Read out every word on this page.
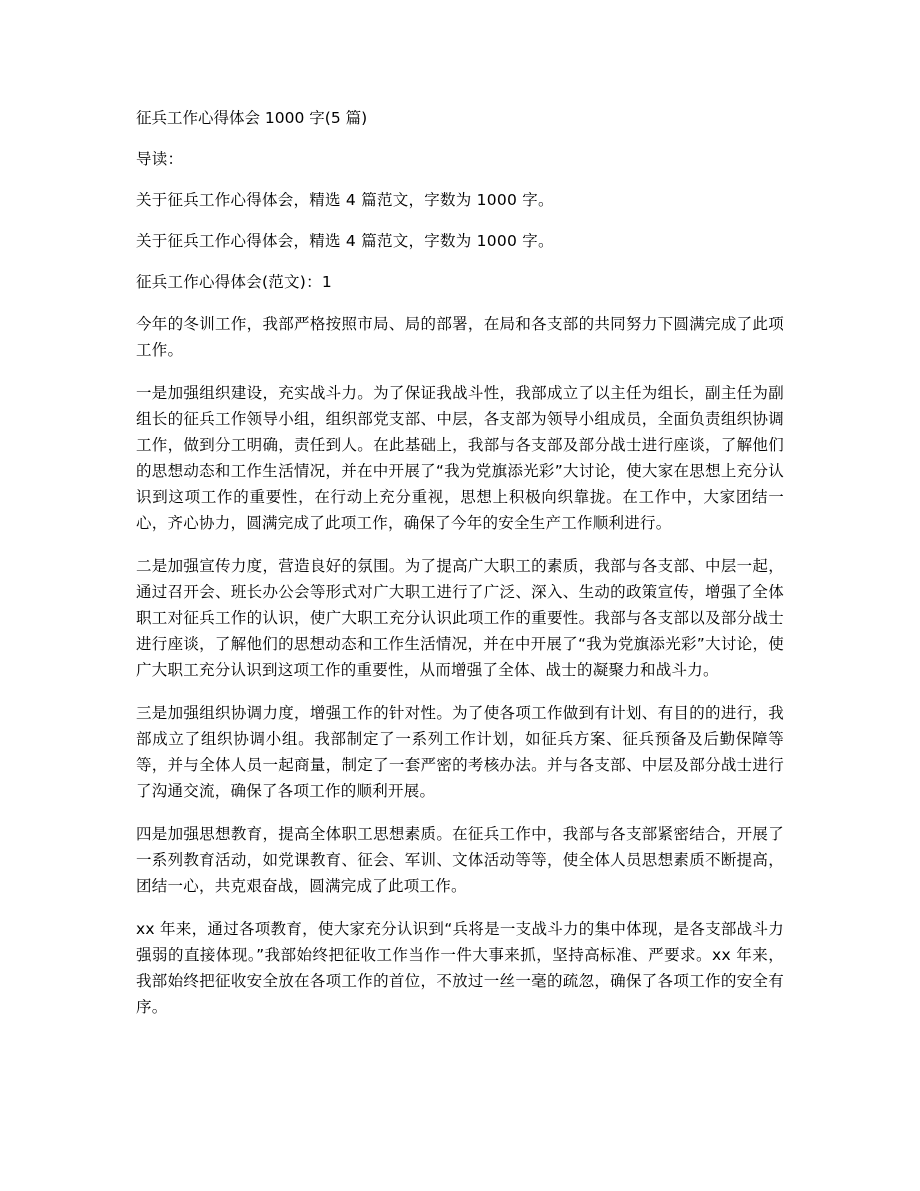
征兵工作心得体会 1000 字(5 篇)

导读：

关于征兵工作心得体会，精选 4 篇范文，字数为 1000 字。

关于征兵工作心得体会，精选 4 篇范文，字数为 1000 字。

征兵工作心得体会(范文)：1

今年的冬训工作，我部严格按照市局、局的部署，在局和各支部的共同努力下圆满完成了此项工作。

一是加强组织建设，充实战斗力。为了保证我战斗性，我部成立了以主任为组长，副主任为副组长的征兵工作领导小组，组织部党支部、中层，各支部为领导小组成员，全面负责组织协调工作，做到分工明确，责任到人。在此基础上，我部与各支部及部分战士进行座谈，了解他们的思想动态和工作生活情况，并在中开展了“我为党旗添光彩”大讨论，使大家在思想上充分认识到这项工作的重要性，在行动上充分重视，思想上积极向织靠拢。在工作中，大家团结一心，齐心协力，圆满完成了此项工作，确保了今年的安全生产工作顺利进行。

二是加强宣传力度，营造良好的氛围。为了提高广大职工的素质，我部与各支部、中层一起，通过召开会、班长办公会等形式对广大职工进行了广泛、深入、生动的政策宣传，增强了全体职工对征兵工作的认识，使广大职工充分认识此项工作的重要性。我部与各支部以及部分战士进行座谈，了解他们的思想动态和工作生活情况，并在中开展了“我为党旗添光彩”大讨论，使广大职工充分认识到这项工作的重要性，从而增强了全体、战士的凝聚力和战斗力。

三是加强组织协调力度，增强工作的针对性。为了使各项工作做到有计划、有目的的进行，我部成立了组织协调小组。我部制定了一系列工作计划，如征兵方案、征兵预备及后勤保障等等，并与全体人员一起商量，制定了一套严密的考核办法。并与各支部、中层及部分战士进行了沟通交流，确保了各项工作的顺利开展。

四是加强思想教育，提高全体职工思想素质。在征兵工作中，我部与各支部紧密结合，开展了一系列教育活动，如党课教育、征会、军训、文体活动等等，使全体人员思想素质不断提高，团结一心，共克艰奋战，圆满完成了此项工作。

xx 年来，通过各项教育，使大家充分认识到“兵将是一支战斗力的集中体现，是各支部战斗力强弱的直接体现。”我部始终把征收工作当作一件大事来抓，坚持高标准、严要求。xx 年来，我部始终把征收安全放在各项工作的首位，不放过一丝一毫的疏忽，确保了各项工作的安全有序。
